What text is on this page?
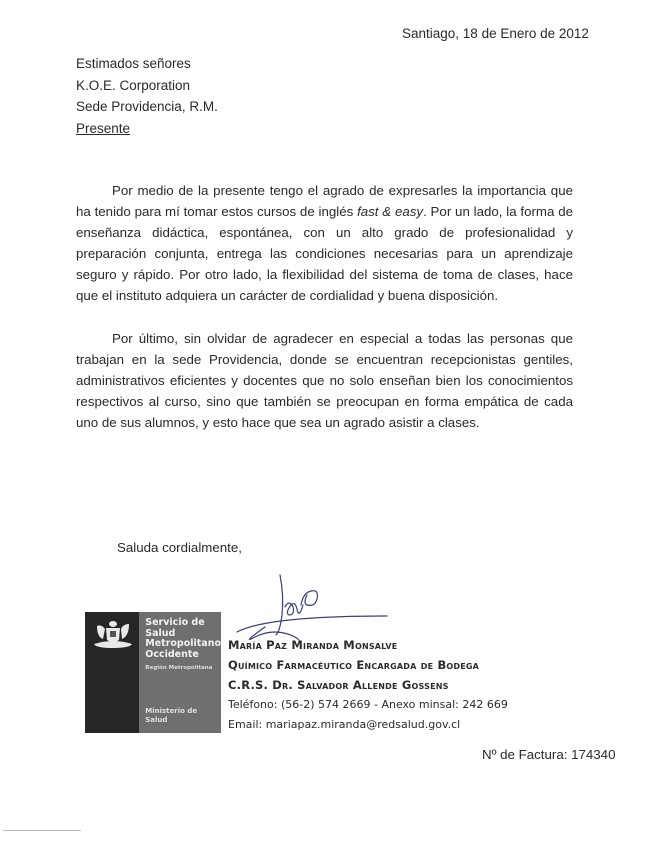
Santiago, 18 de Enero de 2012
Estimados señores
K.O.E. Corporation
Sede Providencia, R.M.
Presente
Por medio de la presente tengo el agrado de expresarles la importancia que ha tenido para mí tomar estos cursos de inglés fast & easy. Por un lado, la forma de enseñanza didáctica, espontánea, con un alto grado de profesionalidad y preparación conjunta, entrega las condiciones necesarias para un aprendizaje seguro y rápido. Por otro lado, la flexibilidad del sistema de toma de clases, hace que el instituto adquiera un carácter de cordialidad y buena disposición.
Por último, sin olvidar de agradecer en especial a todas las personas que trabajan en la sede Providencia, donde se encuentran recepcionistas gentiles, administrativos eficientes y docentes que no solo enseñan bien los conocimientos respectivos al curso, sino que también se preocupan en forma empática de cada uno de sus alumnos, y esto hace que sea un agrado asistir a clases.
Saluda cordialmente,
Servicio de
Salud
Metropolitano
Occidente
Región Metropolitana
Ministerio de
Salud
María Paz Miranda Monsalve
Químico Farmacéutico Encargada de Bodega
C.R.S. Dr. Salvador Allende Gossens
Teléfono: (56-2) 574 2669 - Anexo minsal: 242 669
Email: mariapaz.miranda@redsalud.gov.cl
Nº de Factura: 174340
